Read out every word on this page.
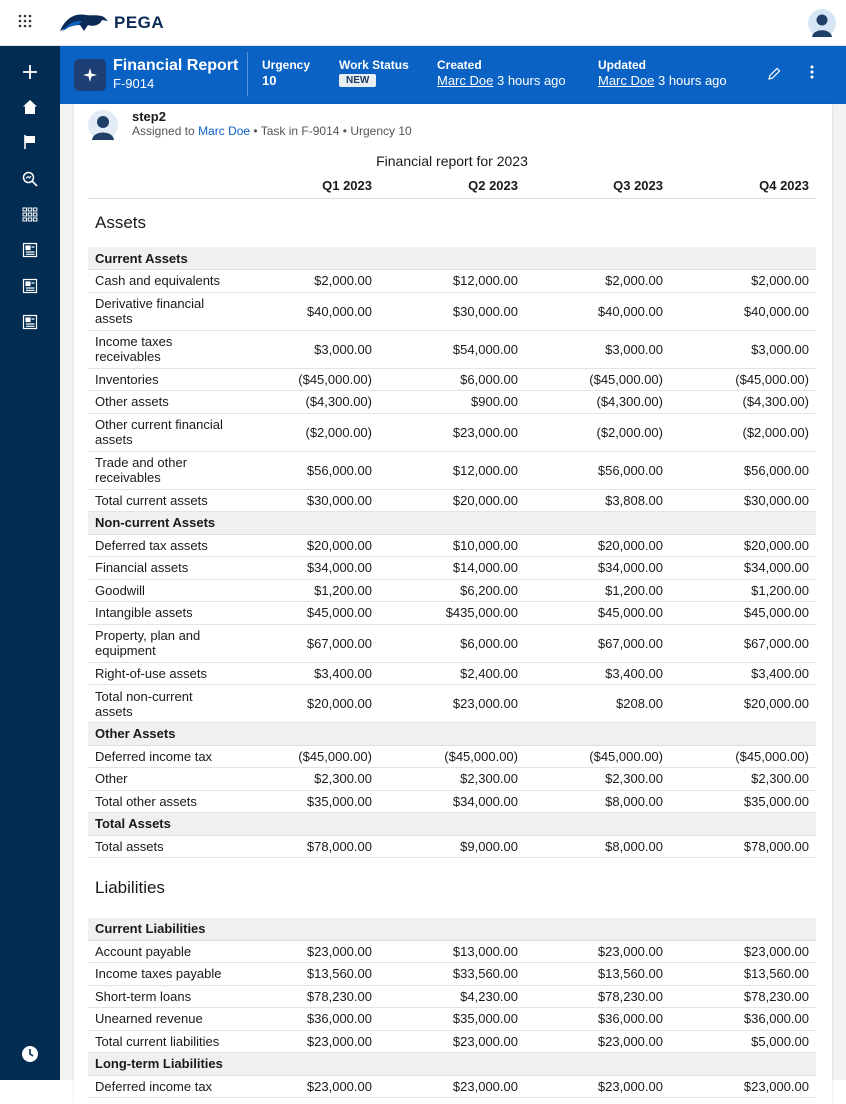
PEGA
Financial Report
F-9014
Urgency
10
Work Status
NEW
Created
Marc Doe 3 hours ago
Updated
Marc Doe 3 hours ago
step2
Assigned to Marc Doe • Task in F-9014 • Urgency 10
Financial report for 2023
	Q1 2023	Q2 2023	Q3 2023	Q4 2023
Assets				
Current Assets				
Cash and equivalents	$2,000.00	$12,000.00	$2,000.00	$2,000.00
Derivative financial assets	$40,000.00	$30,000.00	$40,000.00	$40,000.00
Income taxes receivables	$3,000.00	$54,000.00	$3,000.00	$3,000.00
Inventories	($45,000.00)	$6,000.00	($45,000.00)	($45,000.00)
Other assets	($4,300.00)	$900.00	($4,300.00)	($4,300.00)
Other current financial assets	($2,000.00)	$23,000.00	($2,000.00)	($2,000.00)
Trade and other receivables	$56,000.00	$12,000.00	$56,000.00	$56,000.00
Total current assets	$30,000.00	$20,000.00	$3,808.00	$30,000.00
Non-current Assets				
Deferred tax assets	$20,000.00	$10,000.00	$20,000.00	$20,000.00
Financial assets	$34,000.00	$14,000.00	$34,000.00	$34,000.00
Goodwill	$1,200.00	$6,200.00	$1,200.00	$1,200.00
Intangible assets	$45,000.00	$435,000.00	$45,000.00	$45,000.00
Property, plan and equipment	$67,000.00	$6,000.00	$67,000.00	$67,000.00
Right-of-use assets	$3,400.00	$2,400.00	$3,400.00	$3,400.00
Total non-current assets	$20,000.00	$23,000.00	$208.00	$20,000.00
Other Assets				
Deferred income tax	($45,000.00)	($45,000.00)	($45,000.00)	($45,000.00)
Other	$2,300.00	$2,300.00	$2,300.00	$2,300.00
Total other assets	$35,000.00	$34,000.00	$8,000.00	$35,000.00
Total Assets				
Total assets	$78,000.00	$9,000.00	$8,000.00	$78,000.00
Liabilities				
Current Liabilities				
Account payable	$23,000.00	$13,000.00	$23,000.00	$23,000.00
Income taxes payable	$13,560.00	$33,560.00	$13,560.00	$13,560.00
Short-term loans	$78,230.00	$4,230.00	$78,230.00	$78,230.00
Unearned revenue	$36,000.00	$35,000.00	$36,000.00	$36,000.00
Total current liabilities	$23,000.00	$23,000.00	$23,000.00	$5,000.00
Long-term Liabilities				
Deferred income tax	$23,000.00	$23,000.00	$23,000.00	$23,000.00
